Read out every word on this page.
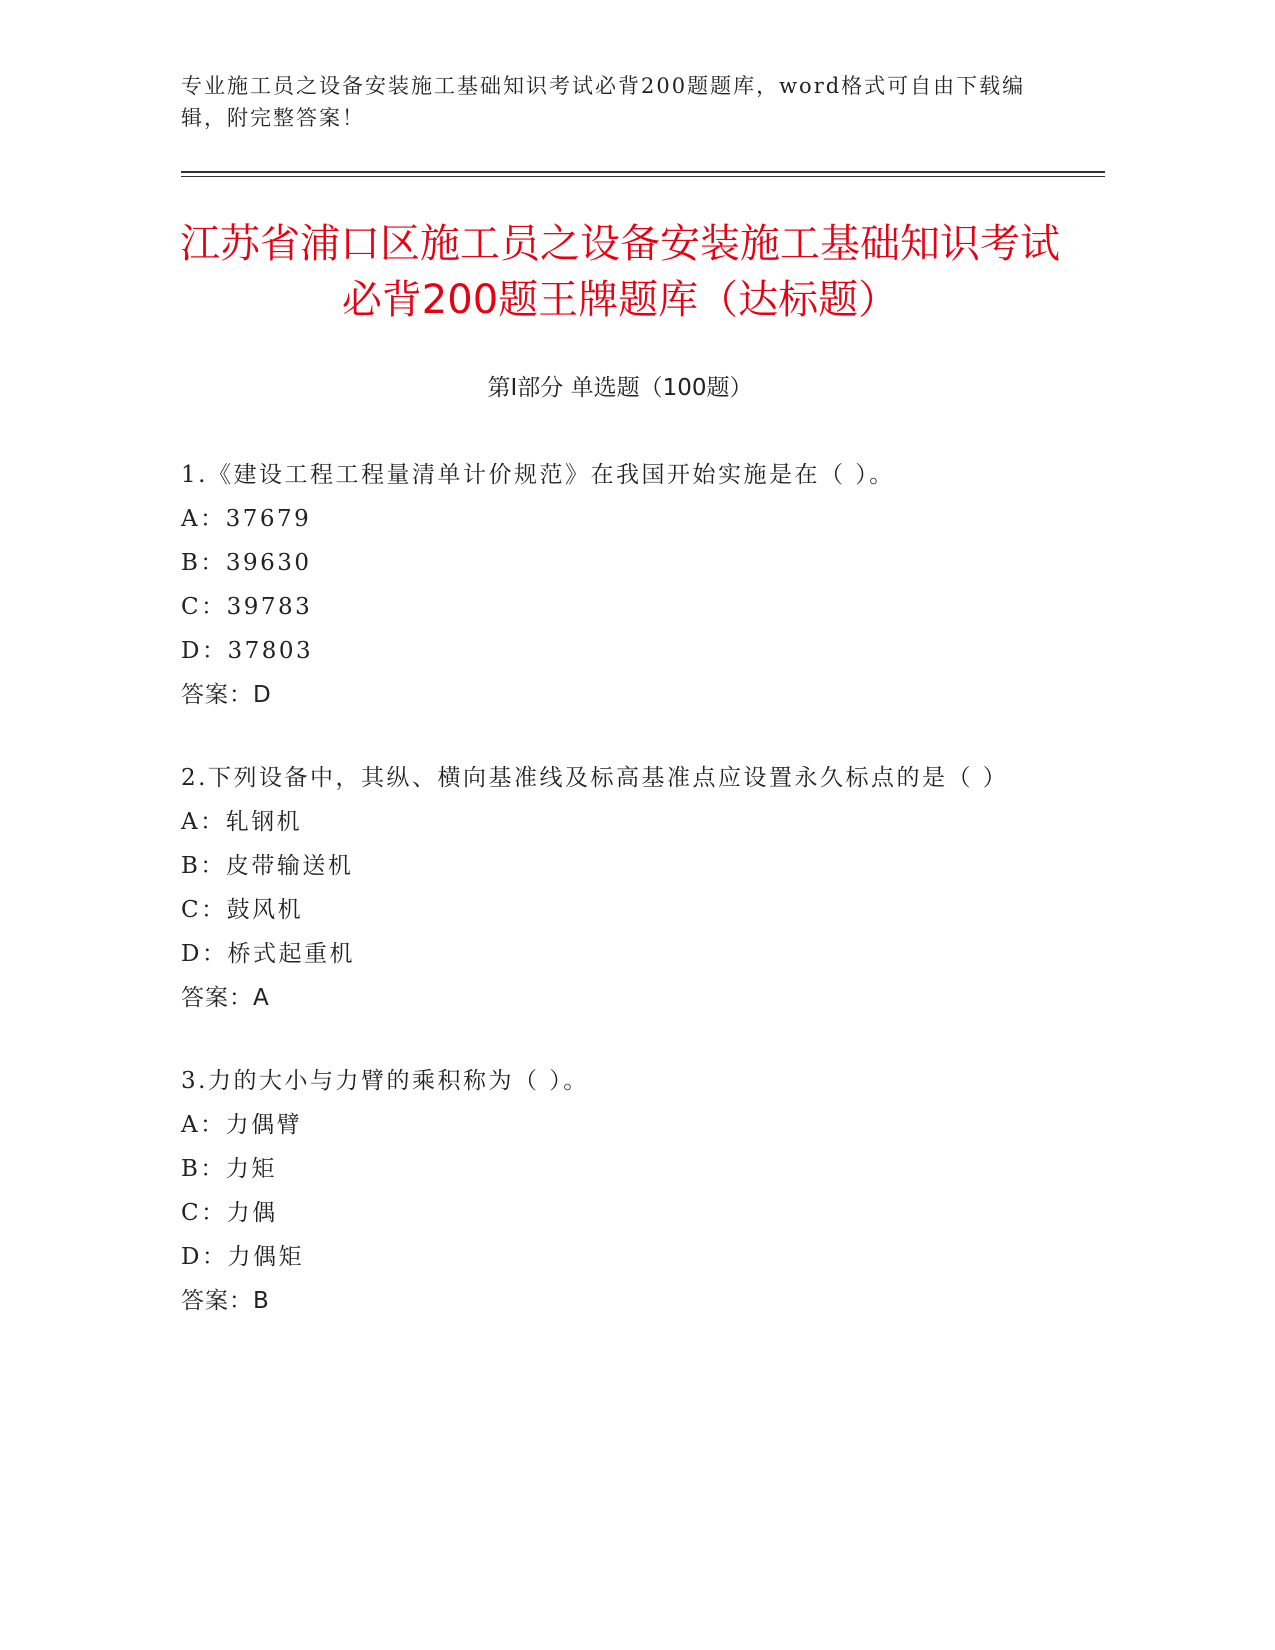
专业施工员之设备安装施工基础知识考试必背200题题库，word格式可自由下载编辑，附完整答案！
江苏省浦口区施工员之设备安装施工基础知识考试必背200题王牌题库（达标题）
第Ⅰ部分 单选题（100题）
1.《建设工程工程量清单计价规范》在我国开始实施是在（ ）。
A：37679
B：39630
C：39783
D：37803
答案：D
2.下列设备中，其纵、横向基准线及标高基准点应设置永久标点的是（ ）
A：轧钢机
B：皮带输送机
C：鼓风机
D：桥式起重机
答案：A
3.力的大小与力臂的乘积称为（ ）。
A：力偶臂
B：力矩
C：力偶
D：力偶矩
答案：B
